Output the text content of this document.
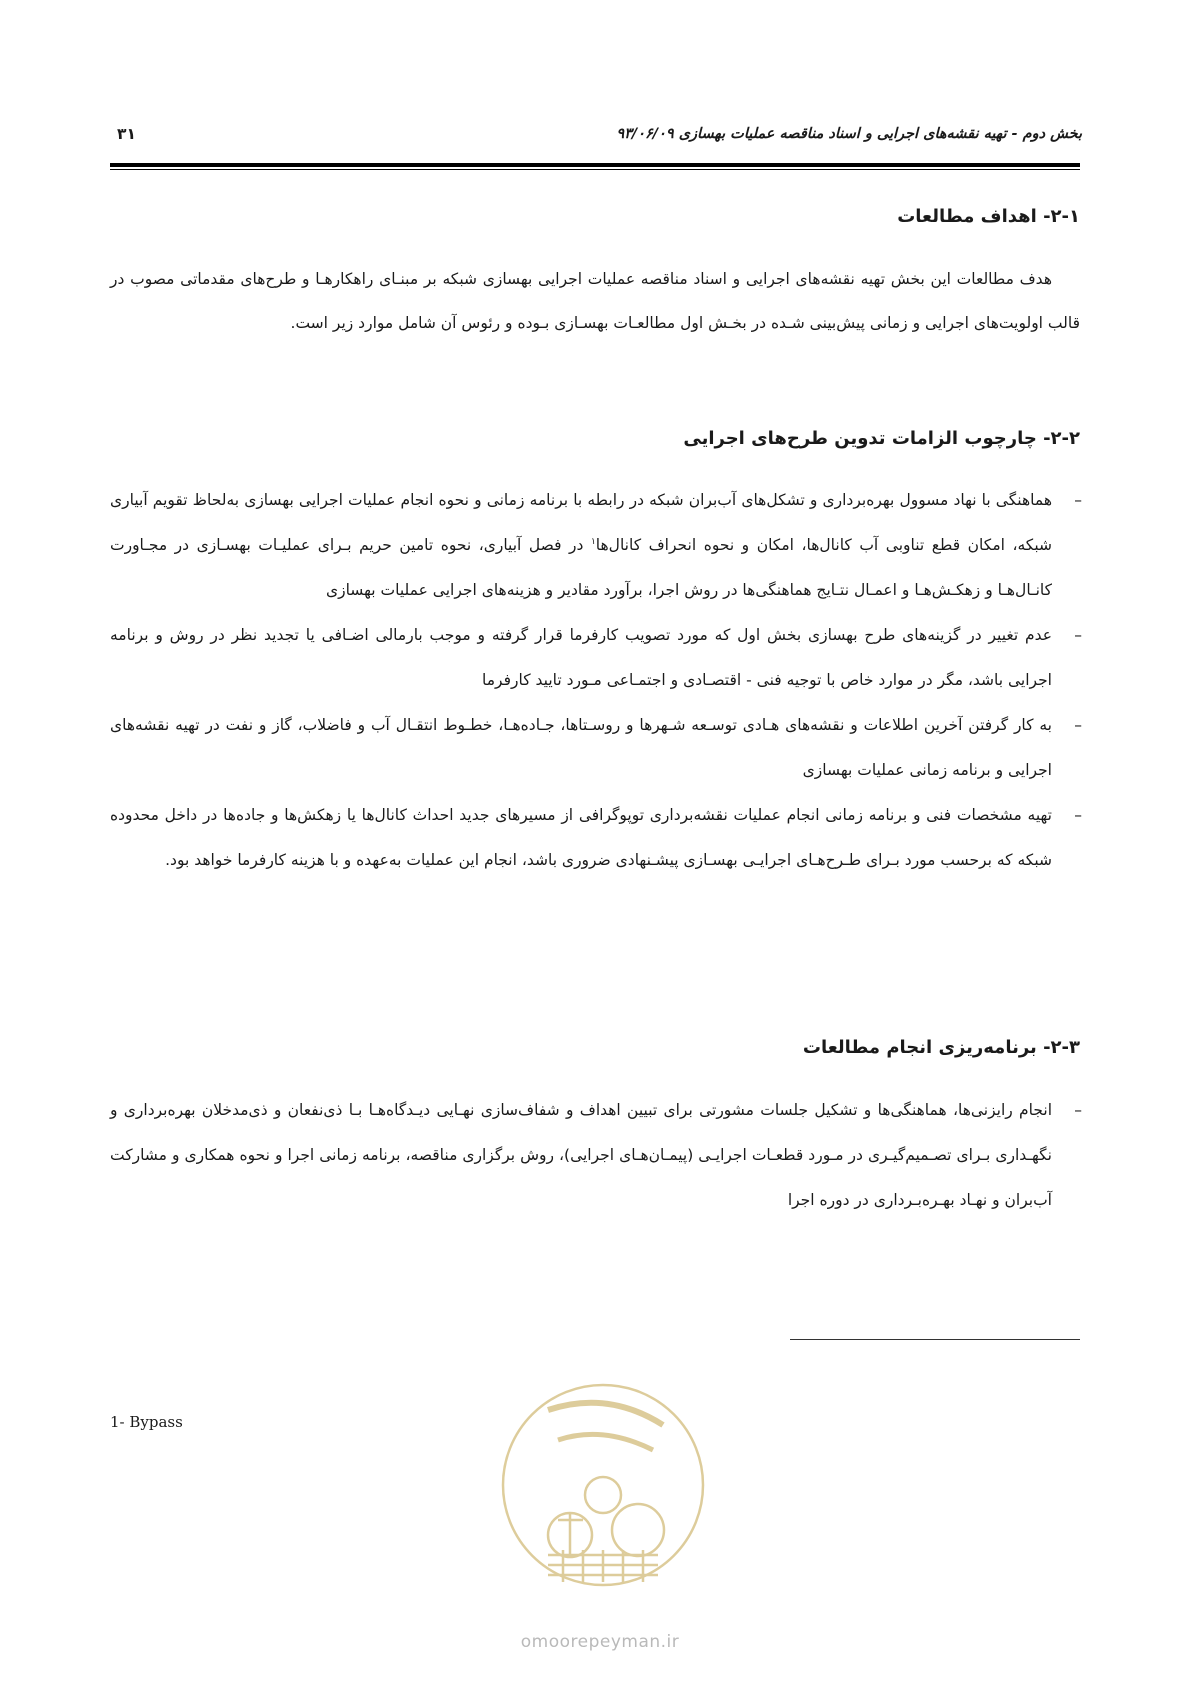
بخش دوم - تهیه نقشه‌های اجرایی و اسناد مناقصه عملیات بهسازی ۹۳/۰۶/۰۹
۳۱
۲-۱- اهداف مطالعات

هدف مطالعات این بخش تهیه نقشه‌های اجرایی و اسناد مناقصه عملیات اجرایی بهسازی شبکه بر مبنـای راهکارهـا و طرح‌های مقدماتی مصوب در قالب اولویت‌های اجرایی و زمانی پیش‌بینی شـده در بخـش اول مطالعـات بهسـازی بـوده و رئوس آن شامل موارد زیر است.

۲-۲- چارچوب الزامات تدوین طرح‌های اجرایی
–
هماهنگی با نهاد مسوول بهره‌برداری و تشکل‌های آب‌بران شبکه در رابطه با برنامه زمانی و نحوه انجام عملیات اجرایی بهسازی به‌لحاظ تقویم آبیاری شبکه، امکان قطع تناوبی آب کانال‌ها، امکان و نحوه انحراف کانال‌ها$^۱$ در فصل آبیاری، نحوه تامین حریم بـرای عملیـات بهسـازی در مجـاورت کانـال‌هـا و زهکـش‌هـا و اعمـال نتـایج هماهنگی‌ها در روش اجرا، برآورد مقادیر و هزینه‌های اجرایی عملیات بهسازی
–
عدم تغییر در گزینه‌های طرح بهسازی بخش اول که مورد تصویب کارفرما قرار گرفته و موجب بارمالی اضـافی یا تجدید نظر در روش و برنامه اجرایی باشد، مگر در موارد خاص با توجیه فنی - اقتصـادی و اجتمـاعی مـورد تایید کارفرما
–
به کار گرفتن آخرین اطلاعات و نقشه‌های هـادی توسـعه شـهرها و روسـتاها، جـاده‌هـا، خطـوط انتقـال آب و فاضلاب، گاز و نفت در تهیه نقشه‌های اجرایی و برنامه زمانی عملیات بهسازی
–
تهیه مشخصات فنی و برنامه زمانی انجام عملیات نقشه‌برداری توپوگرافی از مسیرهای جدید احداث کانال‌ها یا زهکش‌ها و جاده‌ها در داخل محدوده شبکه که برحسب مورد بـرای طـرح‌هـای اجرایـی بهسـازی پیشـنهادی ضروری باشد، انجام این عملیات به‌عهده و با هزینه کارفرما خواهد بود.
۲-۳- برنامه‌ریزی انجام مطالعات
–
انجام رایزنی‌ها، هماهنگی‌ها و تشکیل جلسات مشورتی برای تبیین اهداف و شفاف‌سازی نهـایی دیـدگاه‌هـا بـا ذی‌نفعان و ذی‌مدخلان بهره‌برداری و نگهـداری بـرای تصـمیم‌گیـری در مـورد قطعـات اجرایـی (پیمـان‌هـای اجرایی)، روش برگزاری مناقصه، برنامه زمانی اجرا و نحوه همکاری و مشارکت آب‌بران و نهـاد بهـره‌بـرداری در دوره اجرا
1- Bypass
omoorepeyman.ir
